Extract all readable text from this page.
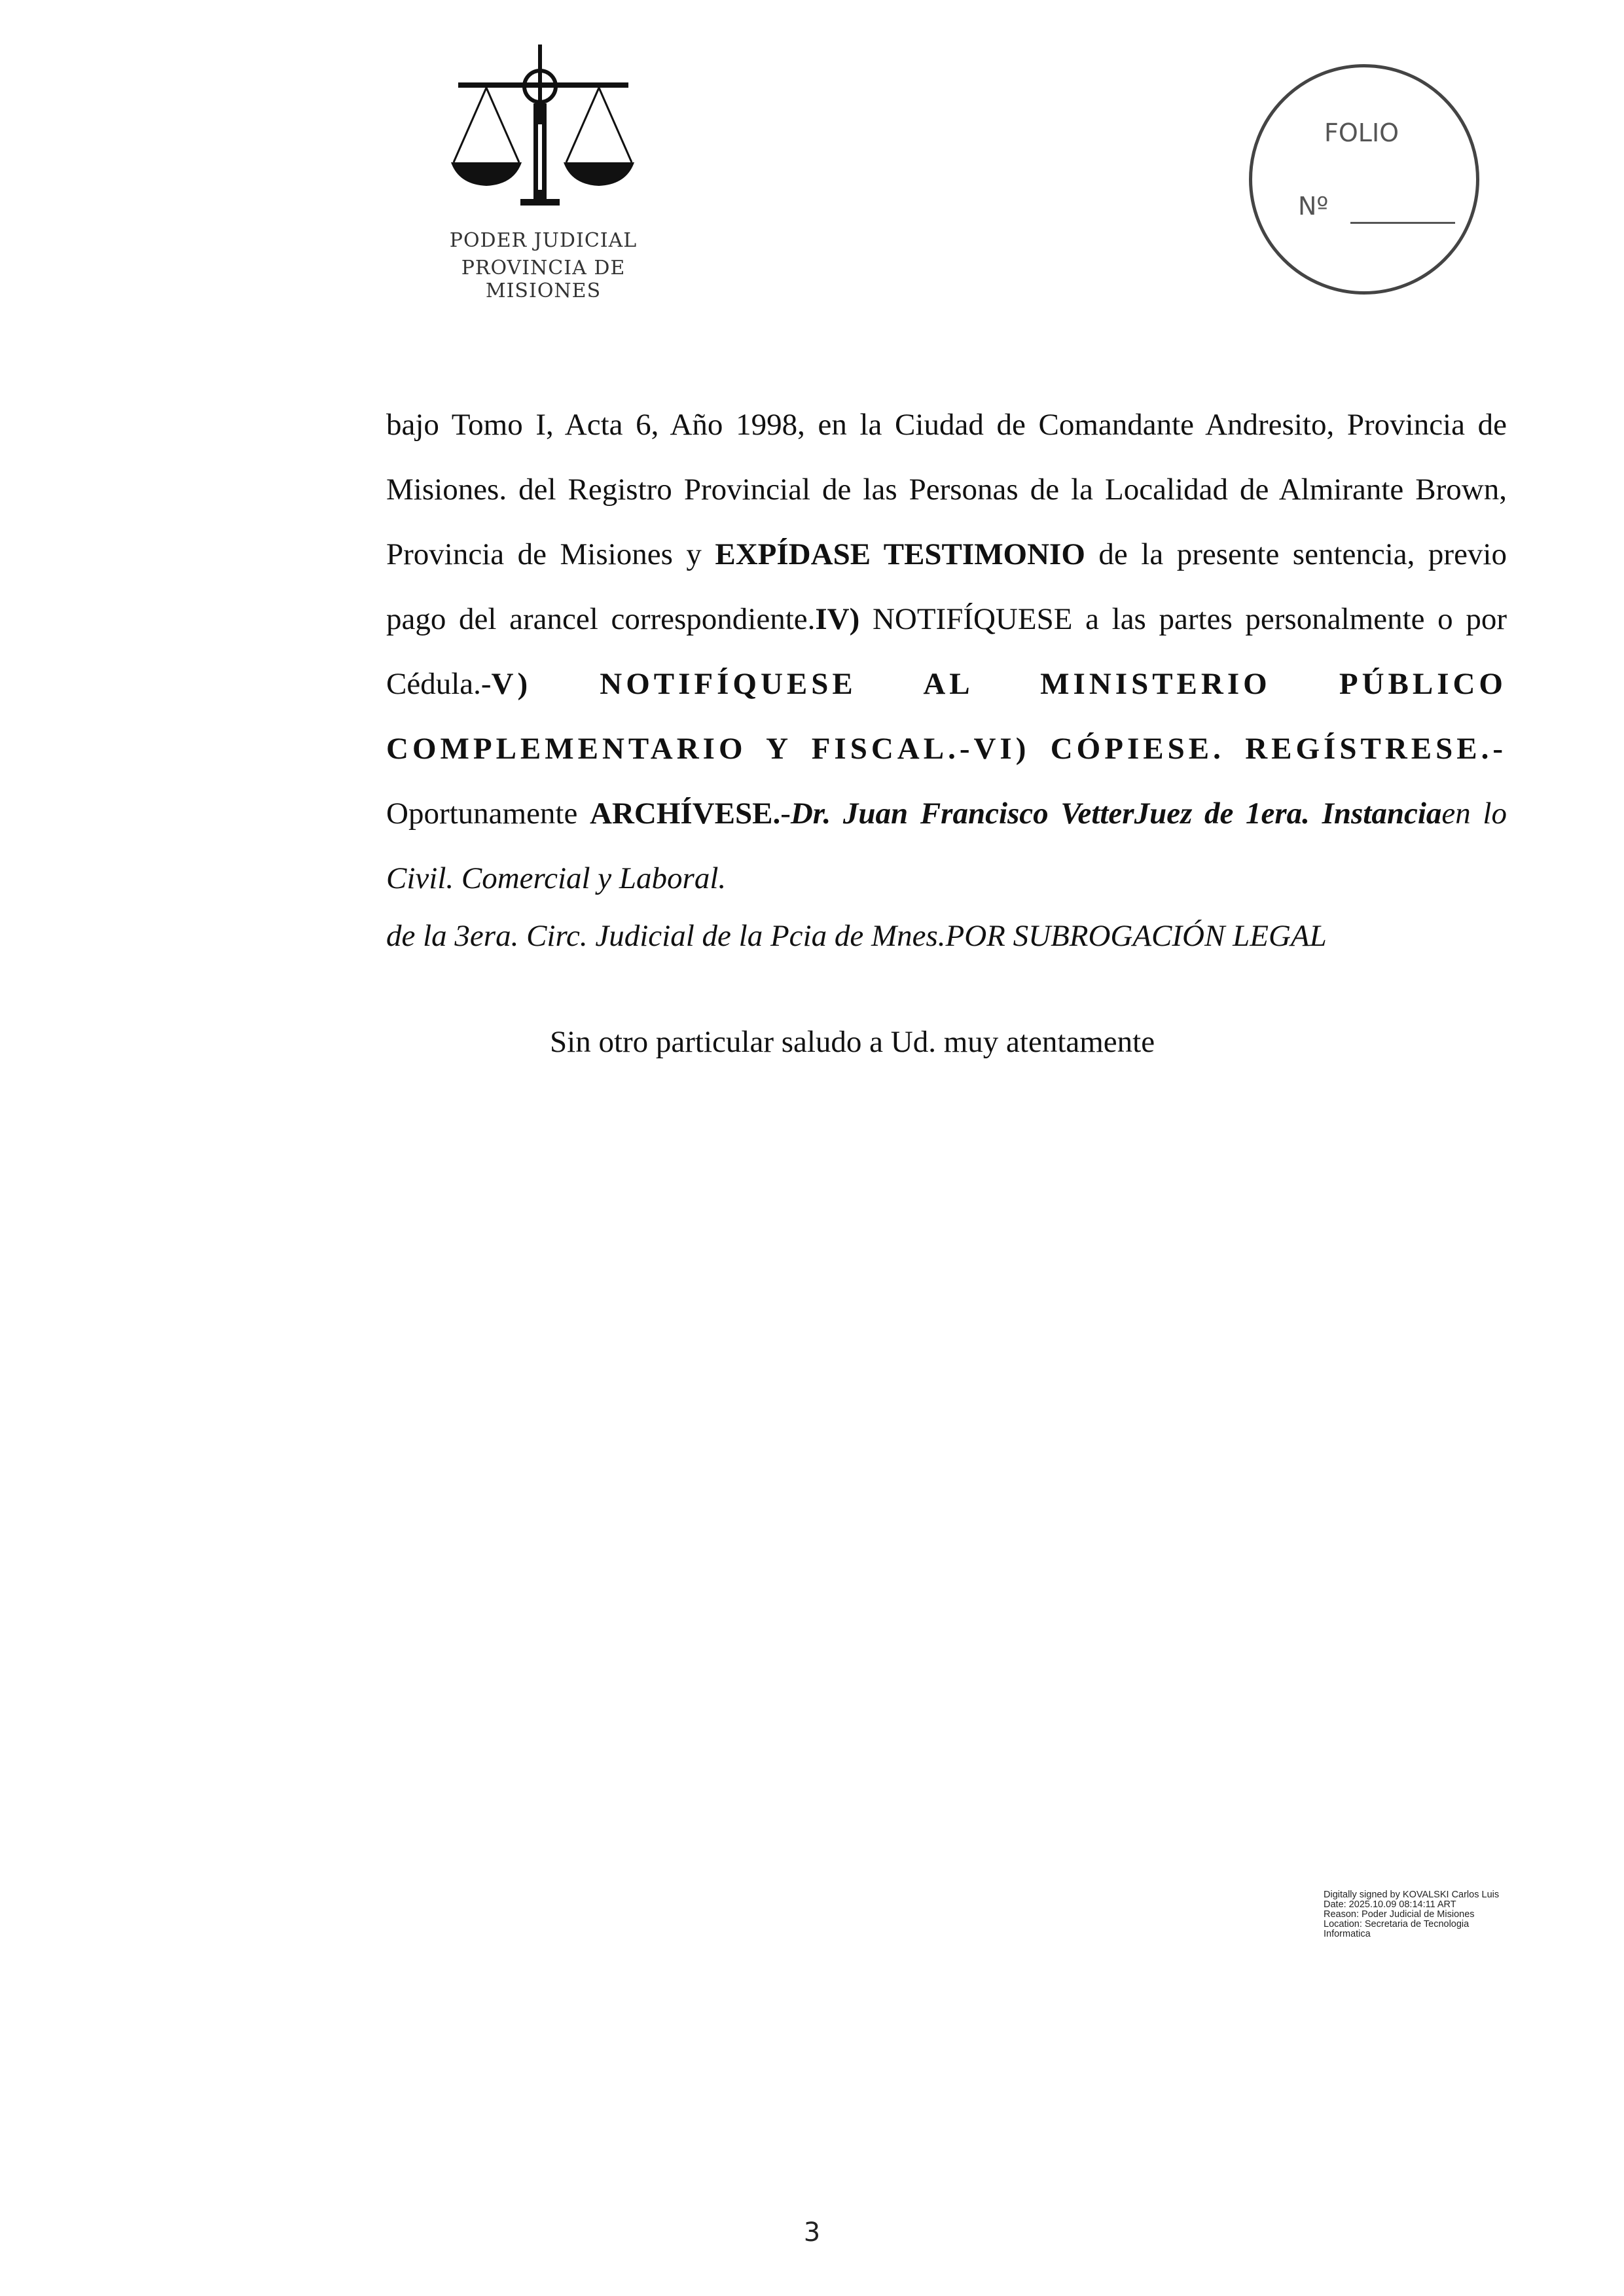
PODER JUDICIAL
PROVINCIA DE MISIONES
FOLIO
Nº

bajo Tomo I, Acta 6, Año 1998, en la Ciudad de Comandante Andresito, Provincia de Misiones. del Registro Provincial de las Personas de la Localidad de Almirante Brown, Provincia de Misiones y EXPÍDASE TESTIMONIO de la presente sentencia, previo pago del arancel correspondiente.IV) NOTIFÍQUESE a las partes personalmente o por Cédula.-V) NOTIFÍQUESE AL MINISTERIO PÚBLICO COMPLEMENTARIO Y FISCAL.-VI) CÓPIESE. REGÍSTRESE.- Oportunamente ARCHÍVESE.-Dr. Juan Francisco VetterJuez de 1era. Instanciaen lo Civil. Comercial y Laboral.

de la 3era. Circ. Judicial de la Pcia de Mnes.POR SUBROGACIÓN LEGAL
Sin otro particular saludo a Ud. muy atentamente
Digitally signed by KOVALSKI Carlos Luis
Date: 2025.10.09 08:14:11 ART
Reason: Poder Judicial de Misiones
Location: Secretaria de Tecnologia
Informatica
3
